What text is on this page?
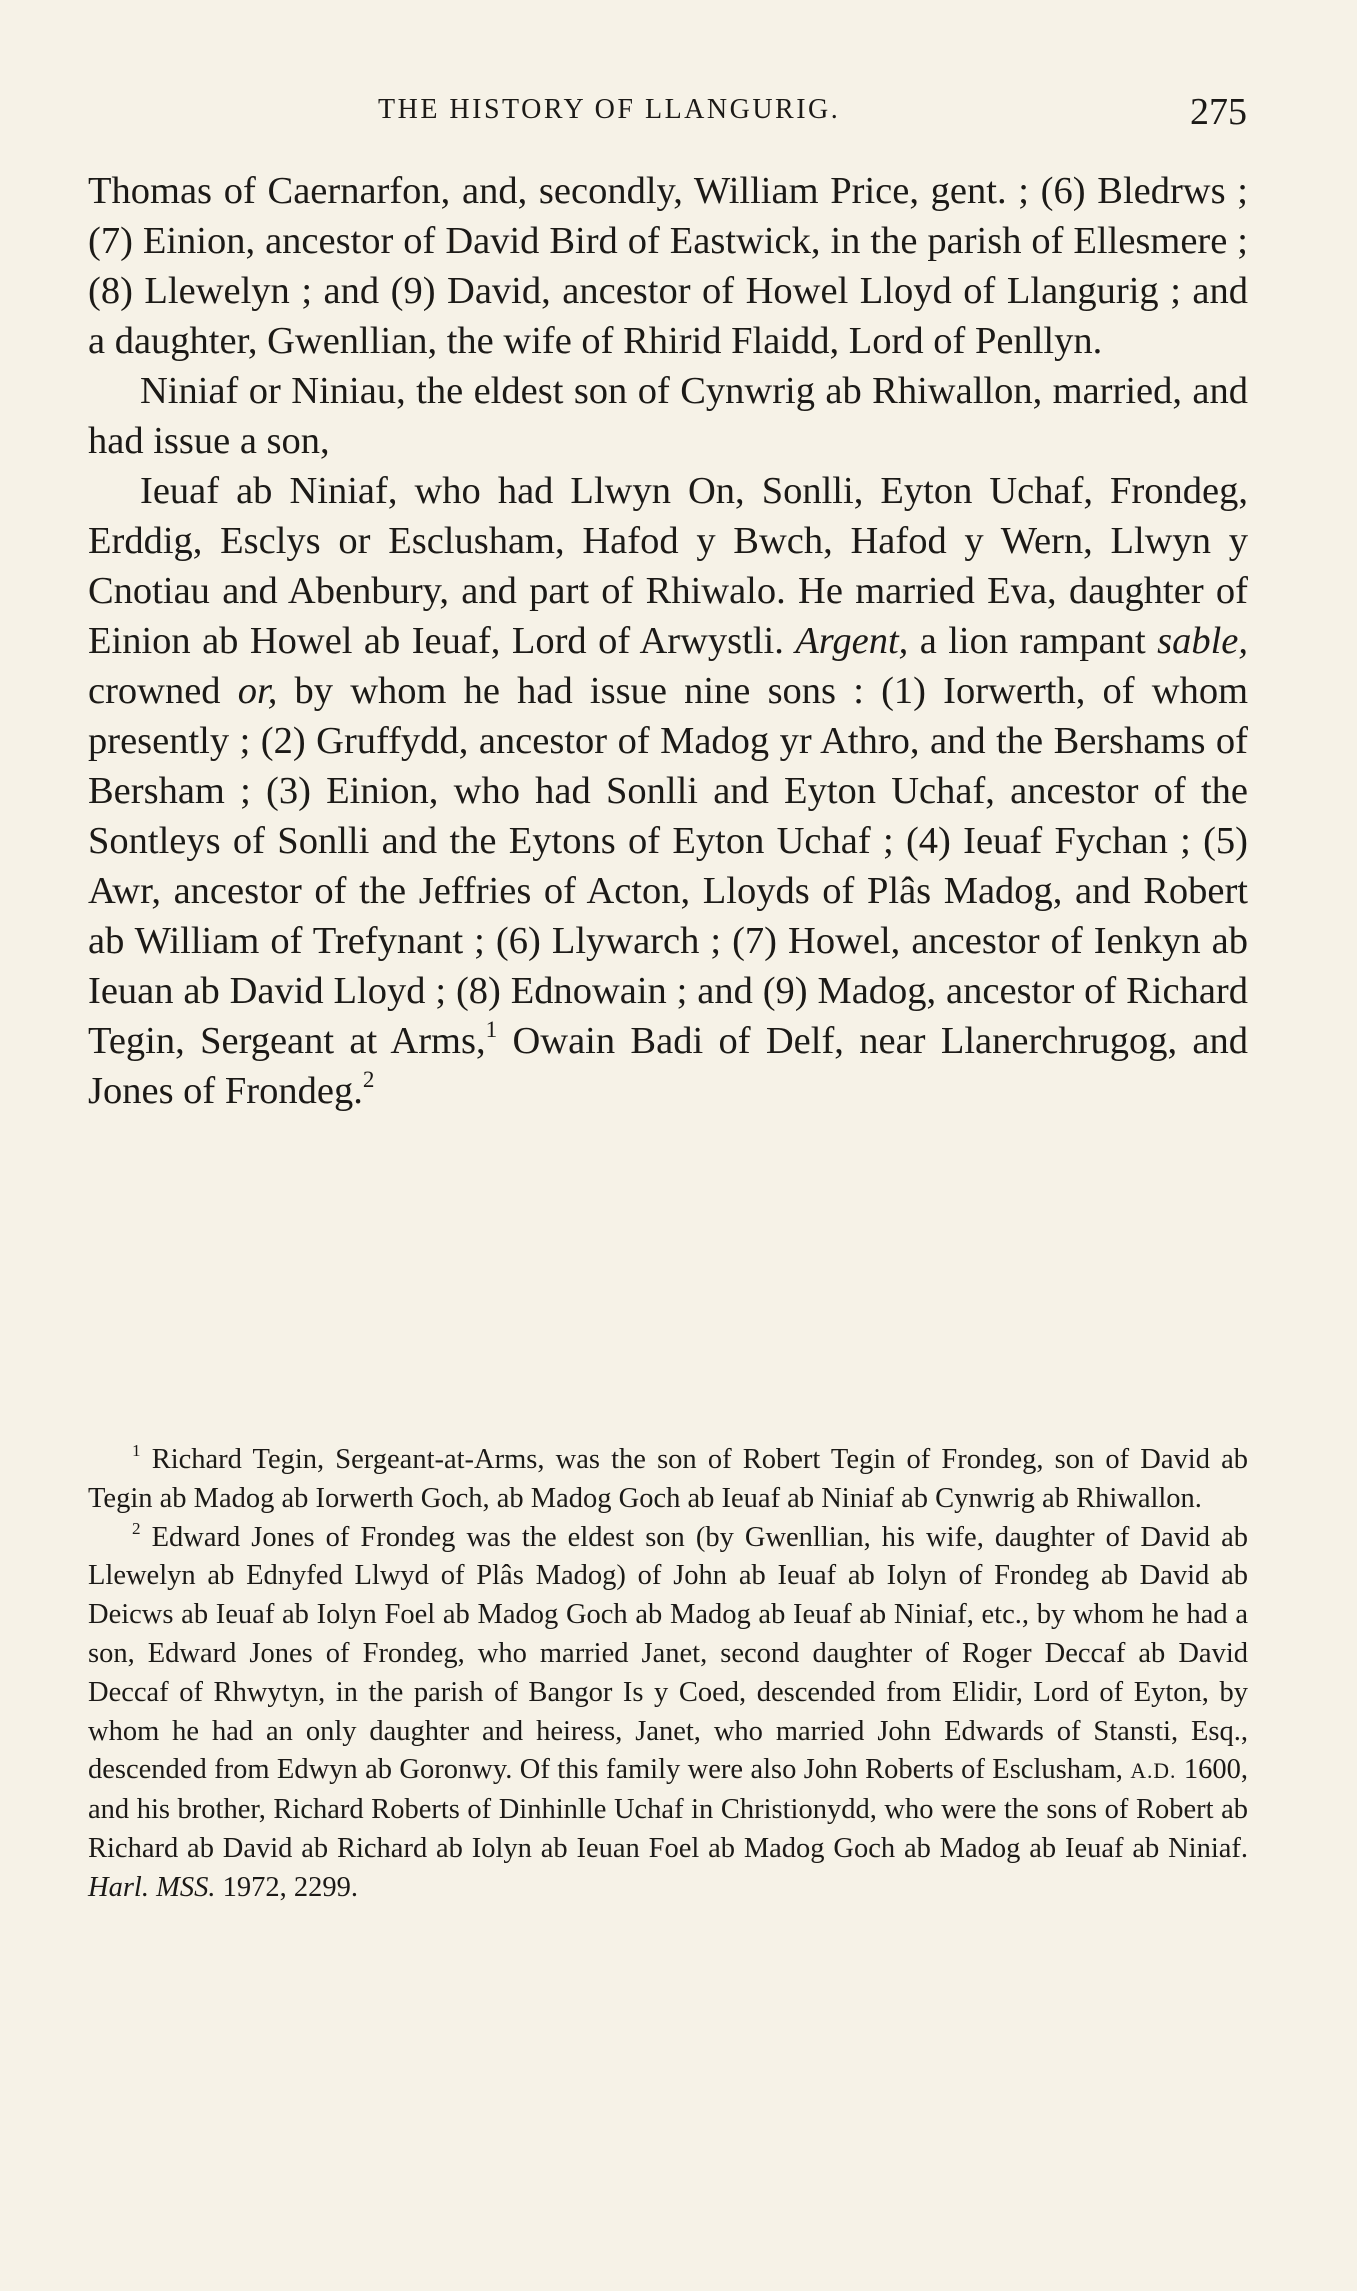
THE HISTORY OF LLANGURIG.	275

Thomas of Caernarfon, and, secondly, William Price, gent. ; (6) Bledrws ; (7) Einion, ancestor of David Bird of Eastwick, in the parish of Ellesmere ; (8) Llewelyn ; and (9) David, ancestor of Howel Lloyd of Llangurig ; and a daughter, Gwenllian, the wife of Rhirid Flaidd, Lord of Penllyn.

Niniaf or Niniau, the eldest son of Cynwrig ab Rhiwallon, married, and had issue a son,

Ieuaf ab Niniaf, who had Llwyn On, Sonlli, Eyton Uchaf, Frondeg, Erddig, Esclys or Esclusham, Hafod y Bwch, Hafod y Wern, Llwyn y Cnotiau and Abenbury, and part of Rhiwalo. He married Eva, daughter of Einion ab Howel ab Ieuaf, Lord of Arwystli. Argent, a lion rampant sable, crowned or, by whom he had issue nine sons : (1) Iorwerth, of whom presently ; (2) Gruffydd, ancestor of Madog yr Athro, and the Bershams of Bersham ; (3) Einion, who had Sonlli and Eyton Uchaf, ancestor of the Sontleys of Sonlli and the Eytons of Eyton Uchaf ; (4) Ieuaf Fychan ; (5) Awr, ancestor of the Jeffries of Acton, Lloyds of Plâs Madog, and Robert ab William of Trefynant ; (6) Llywarch ; (7) Howel, ancestor of Ienkyn ab Ieuan ab David Lloyd ; (8) Ednowain ; and (9) Madog, ancestor of Richard Tegin, Sergeant at Arms,$^1$ Owain Badi of Delf, near Llanerchrugog, and Jones of Frondeg.$^2$

$^1$ Richard Tegin, Sergeant-at-Arms, was the son of Robert Tegin of Frondeg, son of David ab Tegin ab Madog ab Iorwerth Goch, ab Madog Goch ab Ieuaf ab Niniaf ab Cynwrig ab Rhiwallon.

$^2$ Edward Jones of Frondeg was the eldest son (by Gwenllian, his wife, daughter of David ab Llewelyn ab Ednyfed Llwyd of Plâs Madog) of John ab Ieuaf ab Iolyn of Frondeg ab David ab Deicws ab Ieuaf ab Iolyn Foel ab Madog Goch ab Madog ab Ieuaf ab Niniaf, etc., by whom he had a son, Edward Jones of Frondeg, who married Janet, second daughter of Roger Deccaf ab David Deccaf of Rhwytyn, in the parish of Bangor Is y Coed, descended from Elidir, Lord of Eyton, by whom he had an only daughter and heiress, Janet, who married John Edwards of Stansti, Esq., descended from Edwyn ab Goronwy. Of this family were also John Roberts of Esclusham, A.D. 1600, and his brother, Richard Roberts of Dinhinlle Uchaf in Christionydd, who were the sons of Robert ab Richard ab David ab Richard ab Iolyn ab Ieuan Foel ab Madog Goch ab Madog ab Ieuaf ab Niniaf. Harl. MSS. 1972, 2299.
